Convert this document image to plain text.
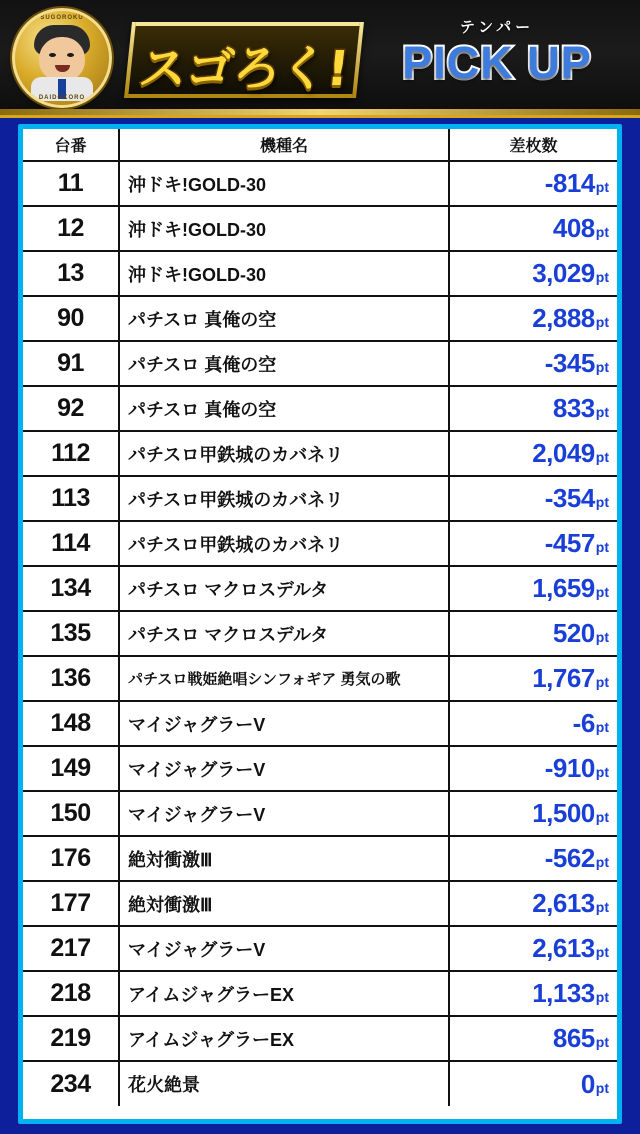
SUGOROKU
DAIDOKORO
スゴろく!
テンパー
PICK UP
台番	機種名	差枚数
11	沖ドキ!GOLD-30	-814pt
12	沖ドキ!GOLD-30	408pt
13	沖ドキ!GOLD-30	3,029pt
90	パチスロ 真俺の空	2,888pt
91	パチスロ 真俺の空	-345pt
92	パチスロ 真俺の空	833pt
112	パチスロ甲鉄城のカバネリ	2,049pt
113	パチスロ甲鉄城のカバネリ	-354pt
114	パチスロ甲鉄城のカバネリ	-457pt
134	パチスロ マクロスデルタ	1,659pt
135	パチスロ マクロスデルタ	520pt
136	パチスロ戦姫絶唱シンフォギア 勇気の歌	1,767pt
148	マイジャグラーV	-6pt
149	マイジャグラーV	-910pt
150	マイジャグラーV	1,500pt
176	絶対衝激Ⅲ	-562pt
177	絶対衝激Ⅲ	2,613pt
217	マイジャグラーV	2,613pt
218	アイムジャグラーEX	1,133pt
219	アイムジャグラーEX	865pt
234	花火絶景	0pt
